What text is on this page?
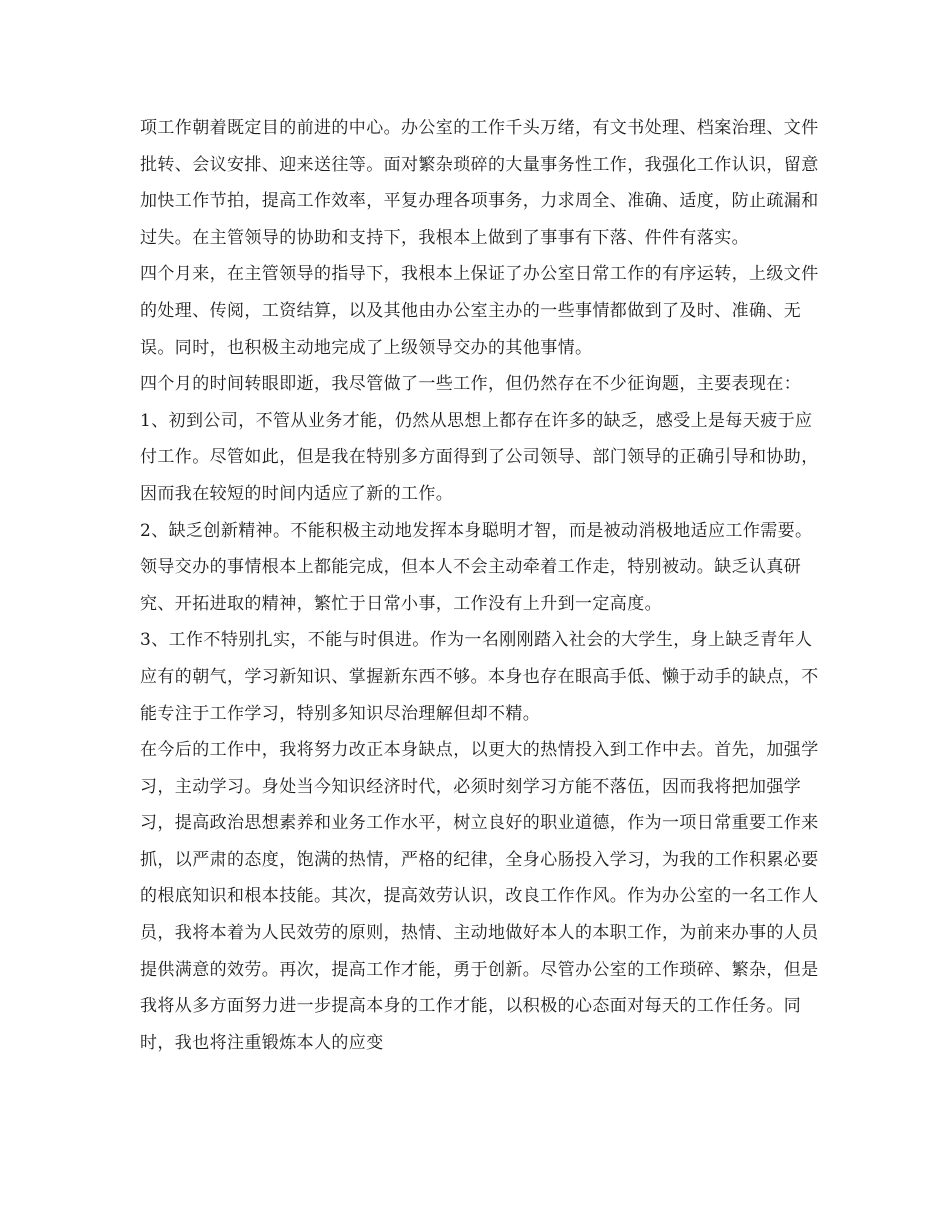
项工作朝着既定目的前进的中心。办公室的工作千头万绪，有文书处理、档案治理、文件批转、会议安排、迎来送往等。面对繁杂琐碎的大量事务性工作，我强化工作认识，留意加快工作节拍，提高工作效率，平复办理各项事务，力求周全、准确、适度，防止疏漏和过失。在主管领导的协助和支持下，我根本上做到了事事有下落、件件有落实。

四个月来，在主管领导的指导下，我根本上保证了办公室日常工作的有序运转，上级文件的处理、传阅，工资结算，以及其他由办公室主办的一些事情都做到了及时、准确、无误。同时，也积极主动地完成了上级领导交办的其他事情。

四个月的时间转眼即逝，我尽管做了一些工作，但仍然存在不少征询题，主要表现在：

1、初到公司，不管从业务才能，仍然从思想上都存在许多的缺乏，感受上是每天疲于应付工作。尽管如此，但是我在特别多方面得到了公司领导、部门领导的正确引导和协助，因而我在较短的时间内适应了新的工作。

2、缺乏创新精神。不能积极主动地发挥本身聪明才智，而是被动消极地适应工作需要。领导交办的事情根本上都能完成，但本人不会主动牵着工作走，特别被动。缺乏认真研究、开拓进取的精神，繁忙于日常小事，工作没有上升到一定高度。

3、工作不特别扎实，不能与时俱进。作为一名刚刚踏入社会的大学生，身上缺乏青年人应有的朝气，学习新知识、掌握新东西不够。本身也存在眼高手低、懒于动手的缺点，不能专注于工作学习，特别多知识尽治理解但却不精。

在今后的工作中，我将努力改正本身缺点，以更大的热情投入到工作中去。首先，加强学习，主动学习。身处当今知识经济时代，必须时刻学习方能不落伍，因而我将把加强学习，提高政治思想素养和业务工作水平，树立良好的职业道德，作为一项日常重要工作来抓，以严肃的态度，饱满的热情，严格的纪律，全身心肠投入学习，为我的工作积累必要的根底知识和根本技能。其次，提高效劳认识，改良工作作风。作为办公室的一名工作人员，我将本着为人民效劳的原则，热情、主动地做好本人的本职工作，为前来办事的人员提供满意的效劳。再次，提高工作才能，勇于创新。尽管办公室的工作琐碎、繁杂，但是我将从多方面努力进一步提高本身的工作才能，以积极的心态面对每天的工作任务。同时，我也将注重锻炼本人的应变
